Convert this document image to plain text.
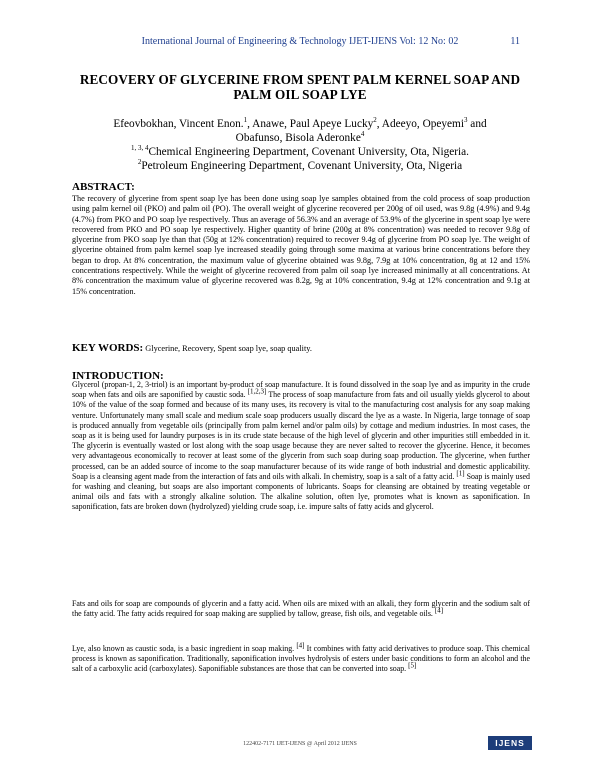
International Journal of Engineering & Technology IJET-IJENS Vol: 12 No: 02	11
RECOVERY OF GLYCERINE FROM SPENT PALM KERNEL SOAP AND PALM OIL SOAP LYE
Efeovbokhan, Vincent Enon.$^1$, Anawe, Paul Apeye Lucky$^2$, Adeeyo, Opeyemi$^3$ and Obafunso, Bisola Aderonke$^4$
$^{1, 3, 4}$Chemical Engineering Department, Covenant University, Ota, Nigeria.
$^2$Petroleum Engineering Department, Covenant University, Ota, Nigeria
ABSTRACT:
The recovery of glycerine from spent soap lye has been done using soap lye samples obtained from the cold process of soap production using palm kernel oil (PKO) and palm oil (PO). The overall weight of glycerine recovered per 200g of oil used, was 9.8g (4.9%) and 9.4g (4.7%) from PKO and PO soap lye respectively. Thus an average of 56.3% and an average of 53.9% of the glycerine in spent soap lye were recovered from PKO and PO soap lye respectively. Higher quantity of brine (200g at 8% concentration) was needed to recover 9.8g of glycerine from PKO soap lye than that (50g at 12% concentration) required to recover 9.4g of glycerine from PO soap lye. The weight of glycerine obtained from palm kernel soap lye increased steadily going through some maxima at various brine concentrations before they began to drop. At 8% concentration, the maximum value of glycerine obtained was 9.8g, 7.9g at 10% concentration, 8g at 12 and 15% concentrations respectively. While the weight of glycerine recovered from palm oil soap lye increased minimally at all concentrations. At 8% concentration the maximum value of glycerine recovered was 8.2g, 9g at 10% concentration, 9.4g at 12% concentration and 9.1g at 15% concentration.
KEY WORDS: Glycerine, Recovery, Spent soap lye, soap quality.
INTRODUCTION:
Glycerol (propan-1, 2, 3-triol) is an important by-product of soap manufacture. It is found dissolved in the soap lye and as impurity in the crude soap when fats and oils are saponified by caustic soda. [1,2,3] The process of soap manufacture from fats and oil usually yields glycerol to about 10% of the value of the soap formed and because of its many uses, its recovery is vital to the manufacturing cost analysis for any soap making venture. Unfortunately many small scale and medium scale soap producers usually discard the lye as a waste. In Nigeria, large tonnage of soap is produced annually from vegetable oils (principally from palm kernel and/or palm oils) by cottage and medium industries. In most cases, the soap as it is being used for laundry purposes is in its crude state because of the high level of glycerin and other impurities still embedded in it. The glycerin is eventually wasted or lost along with the soap usage because they are never salted to recover the glycerine. Hence, it becomes very advantageous economically to recover at least some of the glycerin from such soap during soap production. The glycerine, when further processed, can be an added source of income to the soap manufacturer because of its wide range of both industrial and domestic applicability. Soap is a cleansing agent made from the interaction of fats and oils with alkali. In chemistry, soap is a salt of a fatty acid. [1] Soap is mainly used for washing and cleaning, but soaps are also important components of lubricants. Soaps for cleansing are obtained by treating vegetable or animal oils and fats with a strongly alkaline solution. The alkaline solution, often lye, promotes what is known as saponification. In saponification, fats are broken down (hydrolyzed) yielding crude soap, i.e. impure salts of fatty acids and glycerol.
Fats and oils for soap are compounds of glycerin and a fatty acid. When oils are mixed with an alkali, they form glycerin and the sodium salt of the fatty acid. The fatty acids required for soap making are supplied by tallow, grease, fish oils, and vegetable oils. [4]
Lye, also known as caustic soda, is a basic ingredient in soap making. [4] It combines with fatty acid derivatives to produce soap. This chemical process is known as saponification. Traditionally, saponification involves hydrolysis of esters under basic conditions to form an alcohol and the salt of a carboxylic acid (carboxylates). Saponifiable substances are those that can be converted into soap. [5]
122402-7171 IJET-IJENS @ April 2012 IJENS	IJENS
